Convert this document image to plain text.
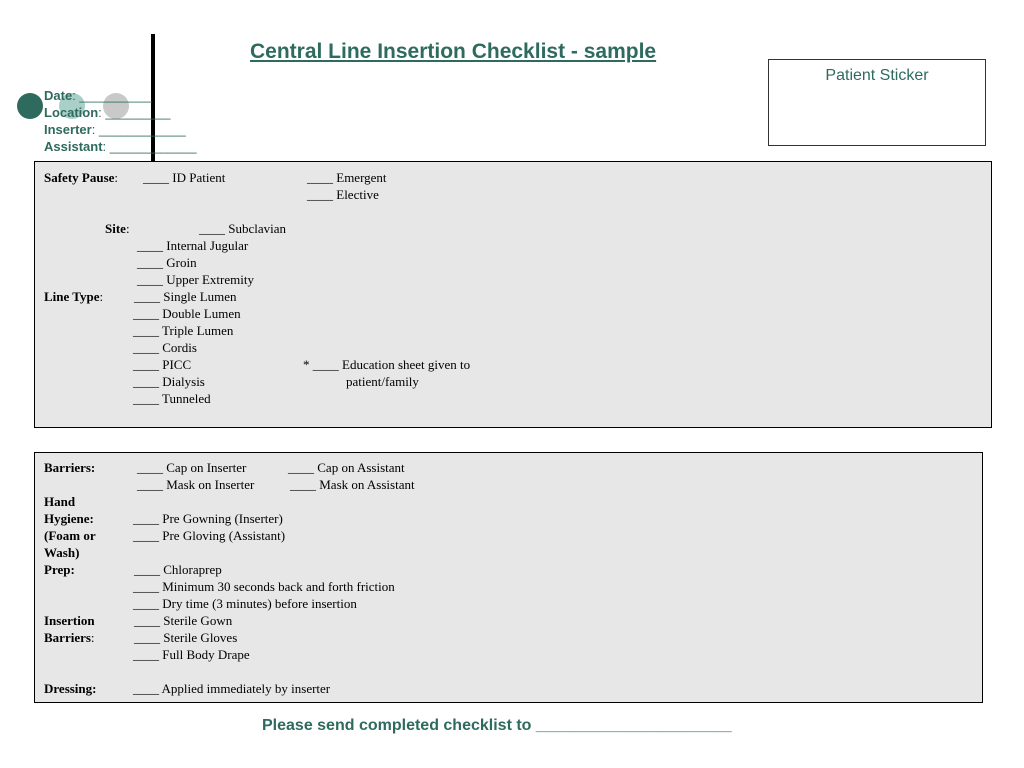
Central Line Insertion Checklist - sample
Date: __________
Location: _________
Inserter: ____________
Assistant: ____________
Patient Sticker
Safety Pause: ____ ID Patient	____ Emergent
____ Elective
Site:	____ Subclavian
____ Internal Jugular
____ Groin
____ Upper Extremity
Line Type: ____ Single Lumen
____ Double Lumen
____ Triple Lumen
____ Cordis
____ PICC
____ Dialysis
____ Tunneled
* ____ Education sheet given to
patient/family
Barriers:	____ Cap on Inserter	____ Cap on Assistant
____ Mask on Inserter	____ Mask on Assistant
Hand
Hygiene:	____ Pre Gowning (Inserter)
(Foam or	____ Pre Gloving (Assistant)
Wash)
Prep:	____ Chloraprep
____ Minimum 30 seconds back and forth friction
____ Dry time (3 minutes) before insertion
Insertion	____ Sterile Gown
Barriers:	____ Sterile Gloves
____ Full Body Drape
Dressing:	____ Applied immediately by inserter
Please send completed checklist to ______________________
